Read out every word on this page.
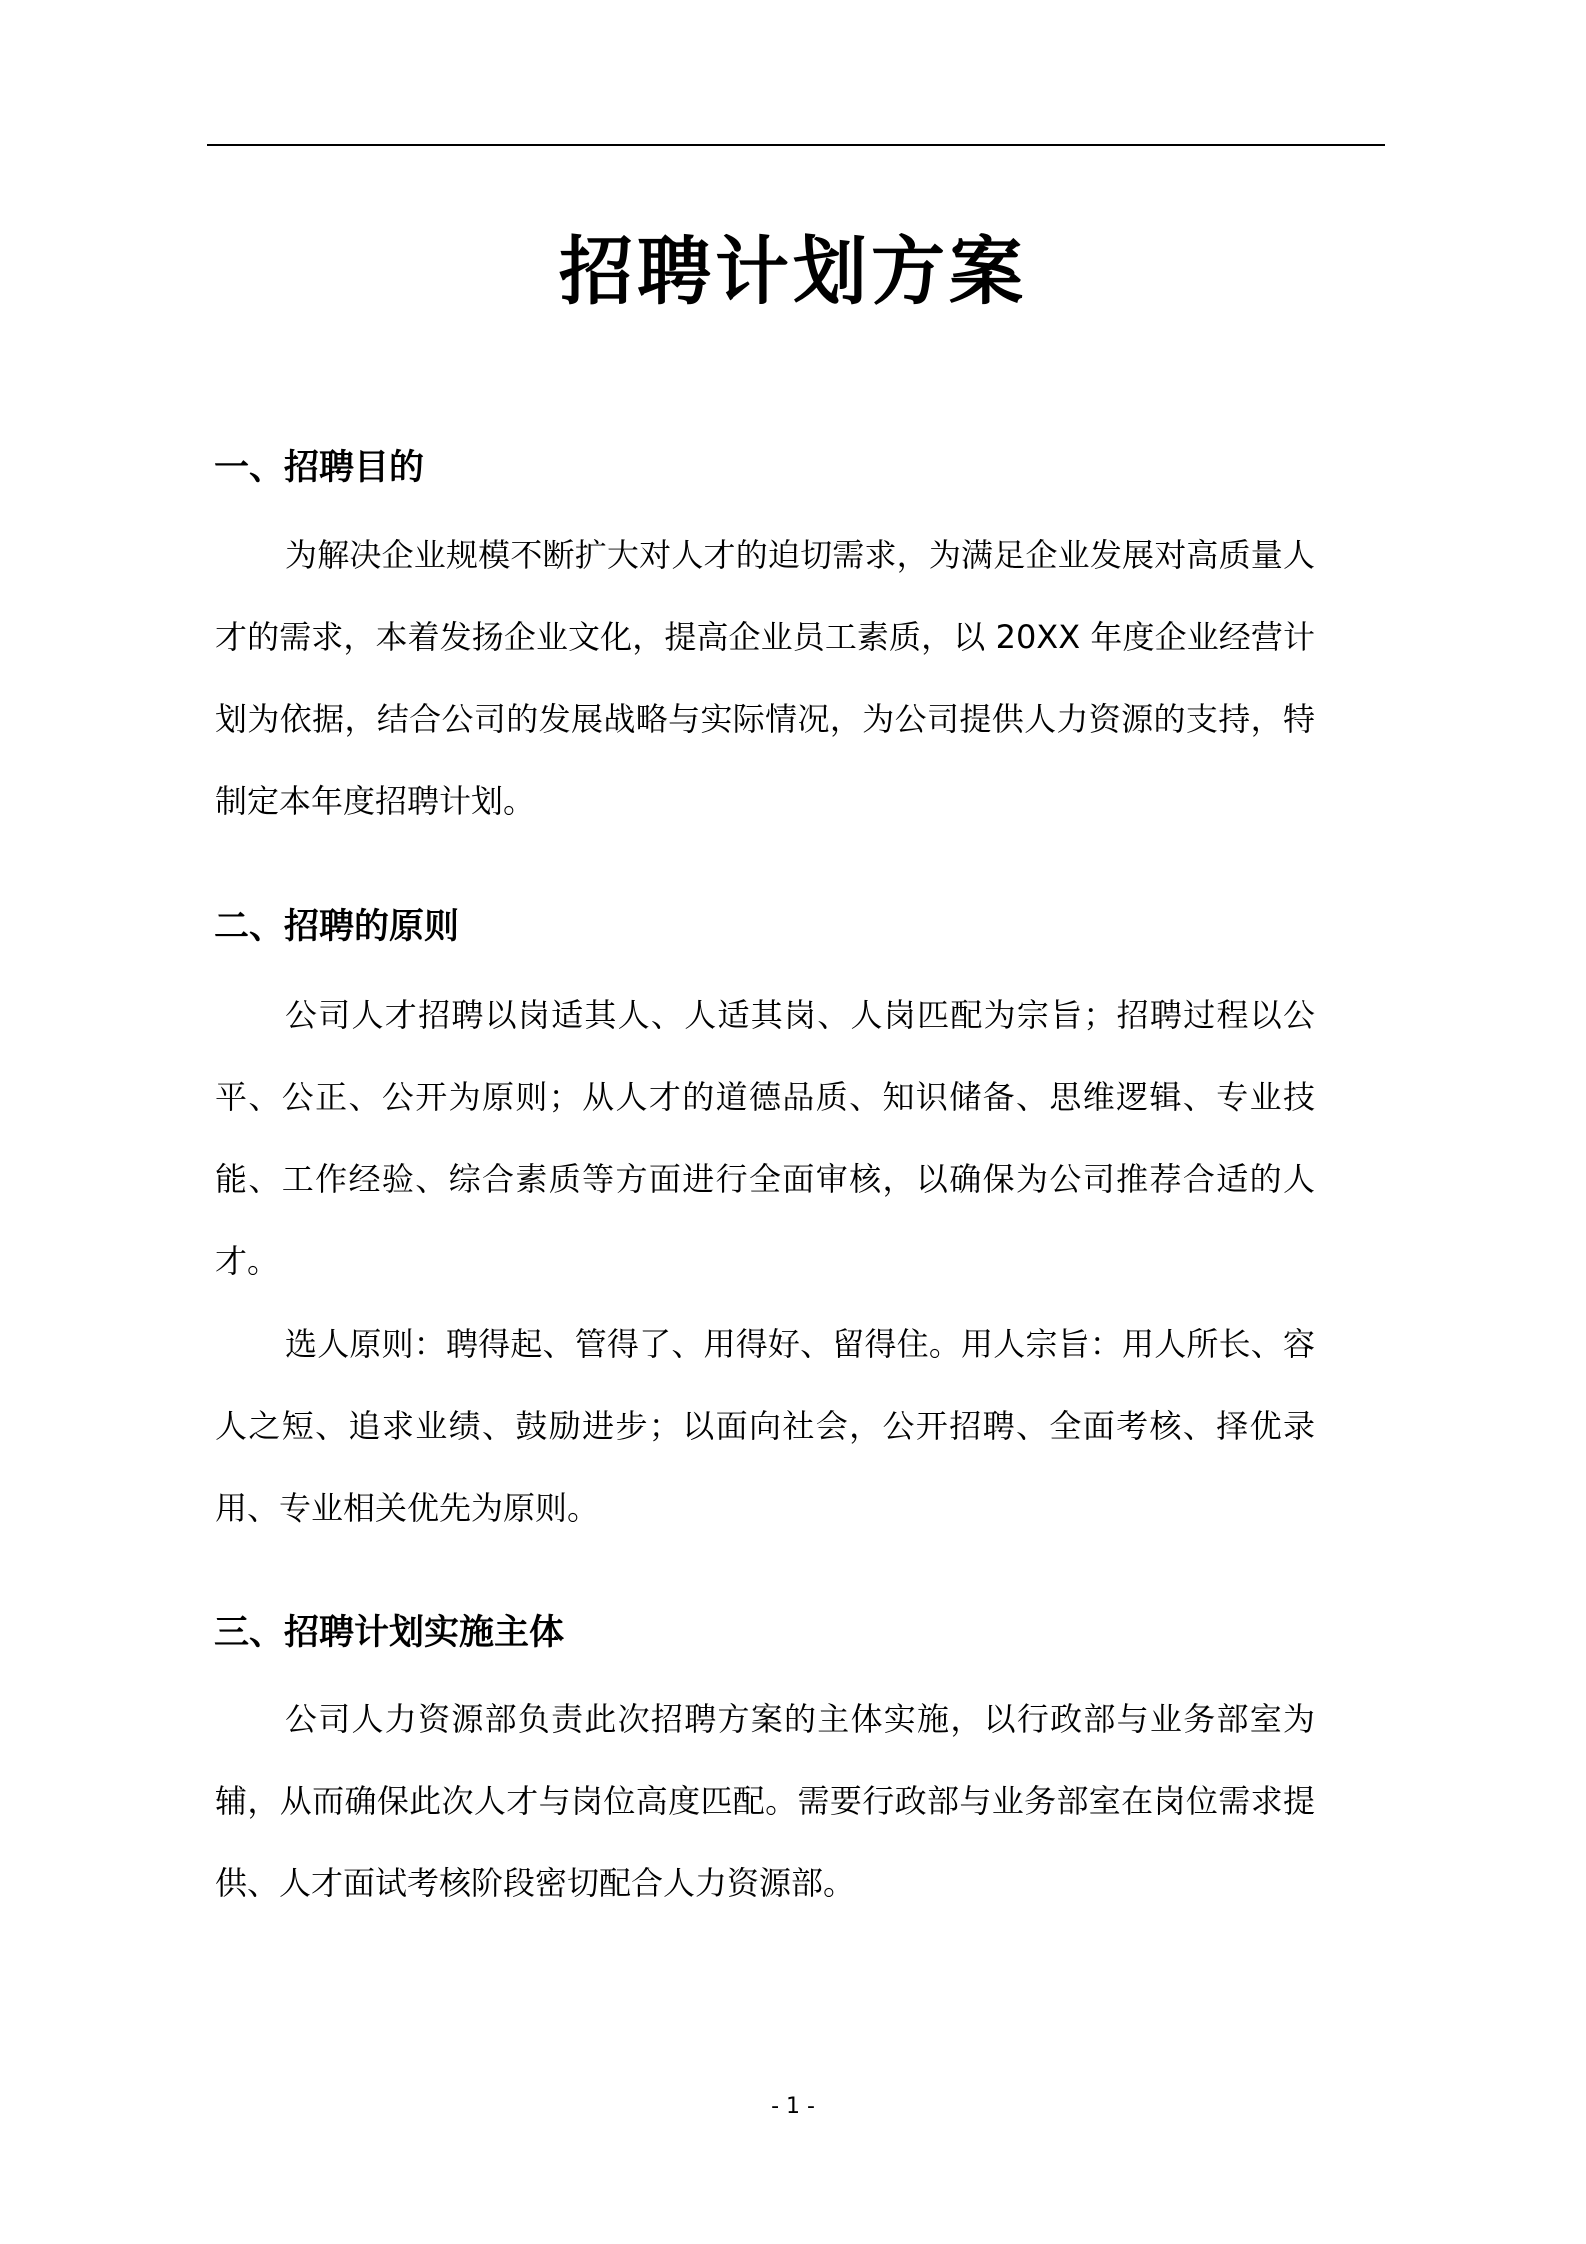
招聘计划方案
一、招聘目的

为解决企业规模不断扩大对人才的迫切需求，为满足企业发展对高质量人才的需求，本着发扬企业文化，提高企业员工素质，以 20XX 年度企业经营计划为依据，结合公司的发展战略与实际情况，为公司提供人力资源的支持，特制定本年度招聘计划。

二、招聘的原则

公司人才招聘以岗适其人、人适其岗、人岗匹配为宗旨；招聘过程以公平、公正、公开为原则；从人才的道德品质、知识储备、思维逻辑、专业技能、工作经验、综合素质等方面进行全面审核，以确保为公司推荐合适的人才。

选人原则：聘得起、管得了、用得好、留得住。用人宗旨：用人所长、容人之短、追求业绩、鼓励进步；以面向社会，公开招聘、全面考核、择优录用、专业相关优先为原则。

三、招聘计划实施主体

公司人力资源部负责此次招聘方案的主体实施，以行政部与业务部室为辅，从而确保此次人才与岗位高度匹配。需要行政部与业务部室在岗位需求提供、人才面试考核阶段密切配合人力资源部。

- 1 -
